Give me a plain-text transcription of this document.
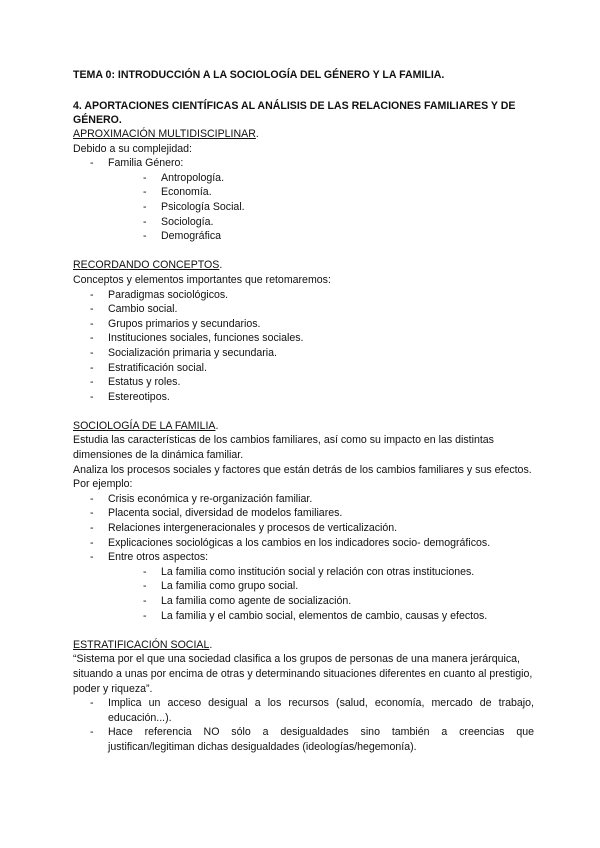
TEMA 0: INTRODUCCIÓN A LA SOCIOLOGÍA DEL GÉNERO Y LA FAMILIA.

4. APORTACIONES CIENTÍFICAS AL ANÁLISIS DE LAS RELACIONES FAMILIARES Y DE GÉNERO.

APROXIMACIÓN MULTIDISCIPLINAR.

Debido a su complejidad:

- Familia Género:
- Antropología.
- Economía.
- Psicología Social.
- Sociología.
- Demográfica

RECORDANDO CONCEPTOS.

Conceptos y elementos importantes que retomaremos:

- Paradigmas sociológicos.
- Cambio social.
- Grupos primarios y secundarios.
- Instituciones sociales, funciones sociales.
- Socialización primaria y secundaria.
- Estratificación social.
- Estatus y roles.
- Estereotipos.

SOCIOLOGÍA DE LA FAMILIA.

Estudia las características de los cambios familiares, así como su impacto en las distintas dimensiones de la dinámica familiar.

Analiza los procesos sociales y factores que están detrás de los cambios familiares y sus efectos.

Por ejemplo:

- Crisis económica y re-organización familiar.
- Placenta social, diversidad de modelos familiares.
- Relaciones intergeneracionales y procesos de verticalización.
- Explicaciones sociológicas a los cambios en los indicadores socio- demográficos.
- Entre otros aspectos:
- La familia como institución social y relación con otras instituciones.
- La familia como grupo social.
- La familia como agente de socialización.
- La familia y el cambio social, elementos de cambio, causas y efectos.

ESTRATIFICACIÓN SOCIAL.

“Sistema por el que una sociedad clasifica a los grupos de personas de una manera jerárquica, situando a unas por encima de otras y determinando situaciones diferentes en cuanto al prestigio, poder y riqueza”.

- Implica un acceso desigual a los recursos (salud, economía, mercado de trabajo, educación...).
- Hace referencia NO sólo a desigualdades sino también a creencias que justifican/legitiman dichas desigualdades (ideologías/hegemonía).
